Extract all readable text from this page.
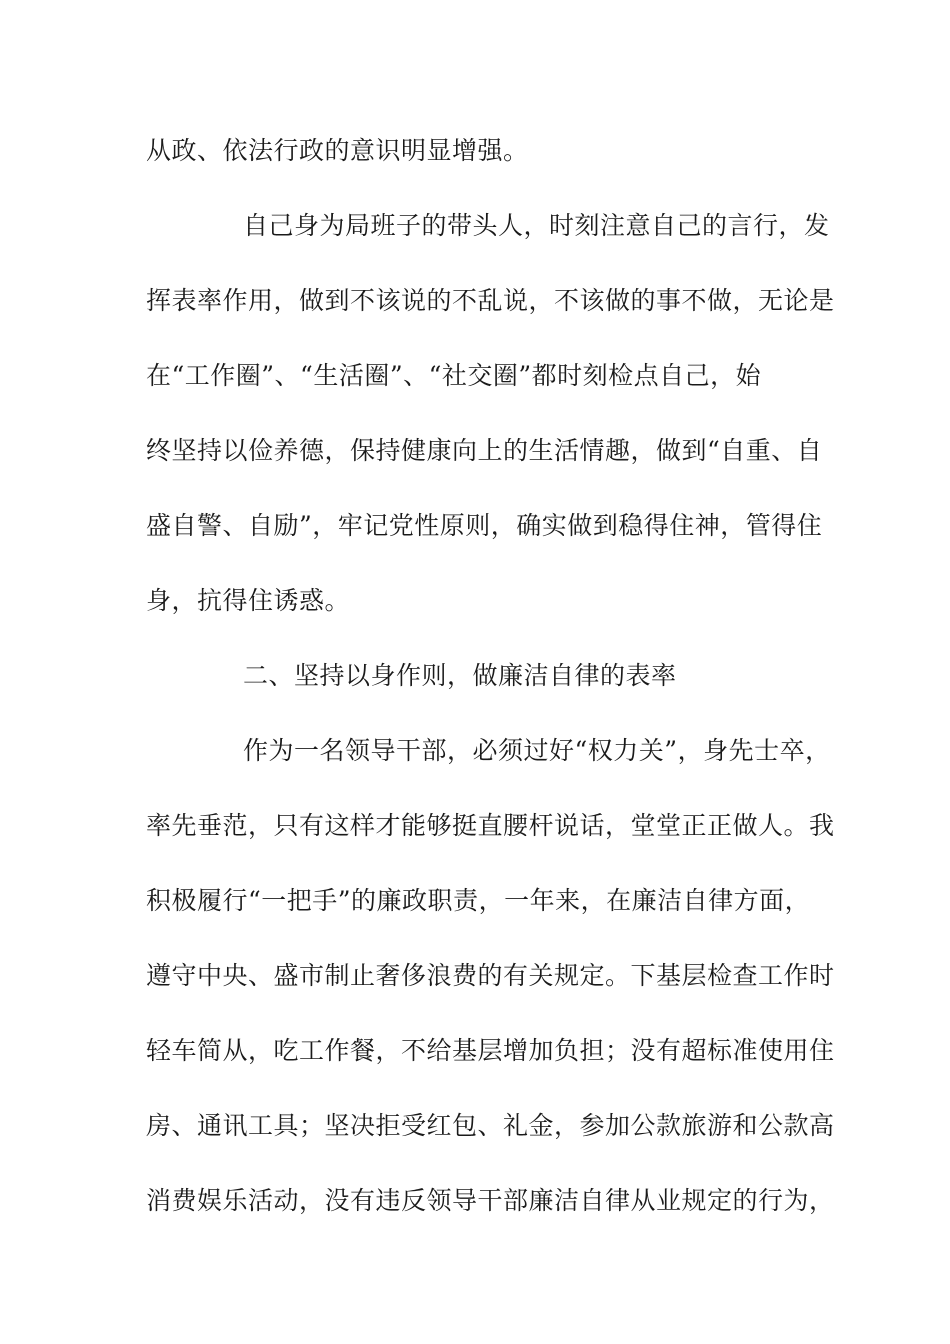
从政、依法行政的意识明显增强。
自己身为局班子的带头人，时刻注意自己的言行，发
挥表率作用，做到不该说的不乱说，不该做的事不做，无论是
在“工作圈”、“生活圈”、“社交圈”都时刻检点自己，始
终坚持以俭养德，保持健康向上的生活情趣，做到“自重、自
盛自警、自励”，牢记党性原则，确实做到稳得住神，管得住
身，抗得住诱惑。
二、坚持以身作则，做廉洁自律的表率
作为一名领导干部，必须过好“权力关”，身先士卒，
率先垂范，只有这样才能够挺直腰杆说话，堂堂正正做人。我
积极履行“一把手”的廉政职责，一年来，在廉洁自律方面，
遵守中央、盛市制止奢侈浪费的有关规定。下基层检查工作时
轻车简从，吃工作餐，不给基层增加负担；没有超标准使用住
房、通讯工具；坚决拒受红包、礼金，参加公款旅游和公款高
消费娱乐活动，没有违反领导干部廉洁自律从业规定的行为，
